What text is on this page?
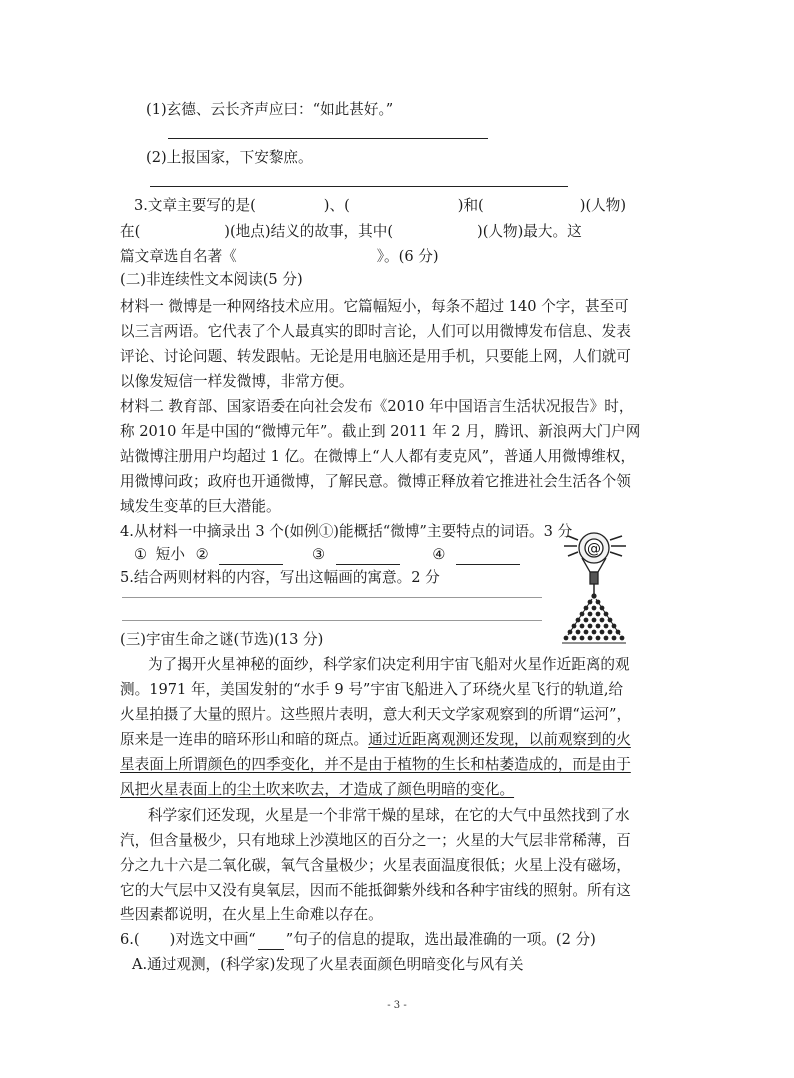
(1)玄德、云长齐声应曰：“如此甚好。”
(2)上报国家，下安黎庶。
3.文章主要写的是(	)、(	)和(	)(人物)
在(	)(地点)结义的故事，其中(	)(人物)最大。这
篇文章选自名著《	》。(6 分)
(二)非连续性文本阅读(5 分)
材料一 微博是一种网络技术应用。它篇幅短小，每条不超过 140 个字，甚至可
以三言两语。它代表了个人最真实的即时言论，人们可以用微博发布信息、发表
评论、讨论问题、转发跟帖。无论是用电脑还是用手机，只要能上网，人们就可
以像发短信一样发微博，非常方便。
材料二 教育部、国家语委在向社会发布《2010 年中国语言生活状况报告》时，
称 2010 年是中国的“微博元年”。截止到 2011 年 2 月，腾讯、新浪两大门户网
站微博注册用户均超过 1 亿。在微博上“人人都有麦克风”，普通人用微博维权，
用微博问政；政府也开通微博，了解民意。微博正释放着它推进社会生活各个领
域发生变革的巨大潜能。
4.从材料一中摘录出 3 个(如例①)能概括“微博”主要特点的词语。3 分
① 短小 ②	③	④
5.结合两则材料的内容，写出这幅画的寓意。2 分
@
(三)宇宙生命之谜(节选)(13 分)
为了揭开火星神秘的面纱，科学家们决定利用宇宙飞船对火星作近距离的观
测。1971 年，美国发射的“水手 9 号”宇宙飞船进入了环绕火星飞行的轨道,给
火星拍摄了大量的照片。这些照片表明，意大利天文学家观察到的所谓“运河”，
原来是一连串的暗环形山和暗的斑点。通过近距离观测还发现，以前观察到的火
星表面上所谓颜色的四季变化，并不是由于植物的生长和枯萎造成的，而是由于
风把火星表面上的尘土吹来吹去，才造成了颜色明暗的变化。
科学家们还发现，火星是一个非常干燥的星球，在它的大气中虽然找到了水
汽，但含量极少，只有地球上沙漠地区的百分之一；火星的大气层非常稀薄，百
分之九十六是二氧化碳，氧气含量极少；火星表面温度很低；火星上没有磁场，
它的大气层中又没有臭氧层，因而不能抵御紫外线和各种宇宙线的照射。所有这
些因素都说明，在火星上生命难以存在。
6.( )对选文中画“ ”句子的信息的提取，选出最准确的一项。(2 分)
A.通过观测，(科学家)发现了火星表面颜色明暗变化与风有关
- 3 -
